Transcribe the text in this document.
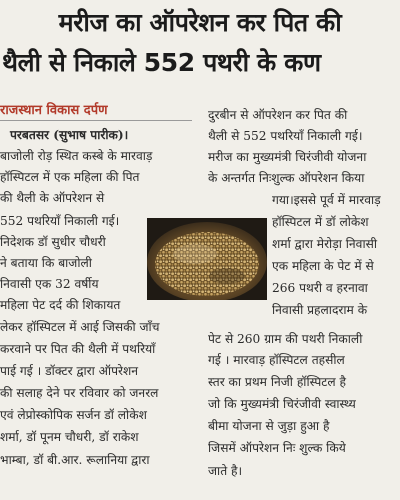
मरीज का ऑपरेशन कर पित की
थैली से निकाले 552 पथरी के कण
राजस्थान विकास दर्पण
परबतसर (सुभाष पारीक)।
बाजोली रोड़ स्थित कस्बे के मारवाड़
हॉस्पिटल में एक महिला की पित
की थैली के ऑपरेशन से
552 पथरियाँ निकाली गई।
निदेशक डॉ सुधीर चौधरी
ने बताया कि बाजोली
निवासी एक 32 वर्षीय
महिला पेट दर्द की शिकायत
लेकर हॉस्पिटल में आई जिसकी जाँच
करवाने पर पित की थैली में पथरियाँ
पाई गई । डॉक्टर द्वारा ऑपरेशन
की सलाह देने पर रविवार को जनरल
एवं लेप्रोस्कोपिक सर्जन डॉ लोकेश
शर्मा, डॉ पूनम चौधरी, डॉ राकेश
भाम्बा, डॉ बी.आर. रूलानिया द्वारा
दुरबीन से ऑपरेशन कर पित की
थैली से 552 पथरियाँ निकाली गई।
मरीज का मुख्यमंत्री चिरंजीवी योजना
के अन्तर्गत निःशुल्क ऑपरेशन किया
गया।इससे पूर्व में मारवाड़
हॉस्पिटल में डॉ लोकेश
शर्मा द्वारा मेरोड़ा निवासी
एक महिला के पेट में से
266 पथरी व हरनावा
निवासी प्रहलादराम के
पेट से 260 ग्राम की पथरी निकाली
गई । मारवाड़ हॉस्पिटल तहसील
स्तर का प्रथम निजी हॉस्पिटल है
जो कि मुख्यमंत्री चिरंजीवी स्वास्थ्य
बीमा योजना से जुड़ा हुआ है
जिसमें ऑपरेशन निः शुल्क किये
जाते है।
